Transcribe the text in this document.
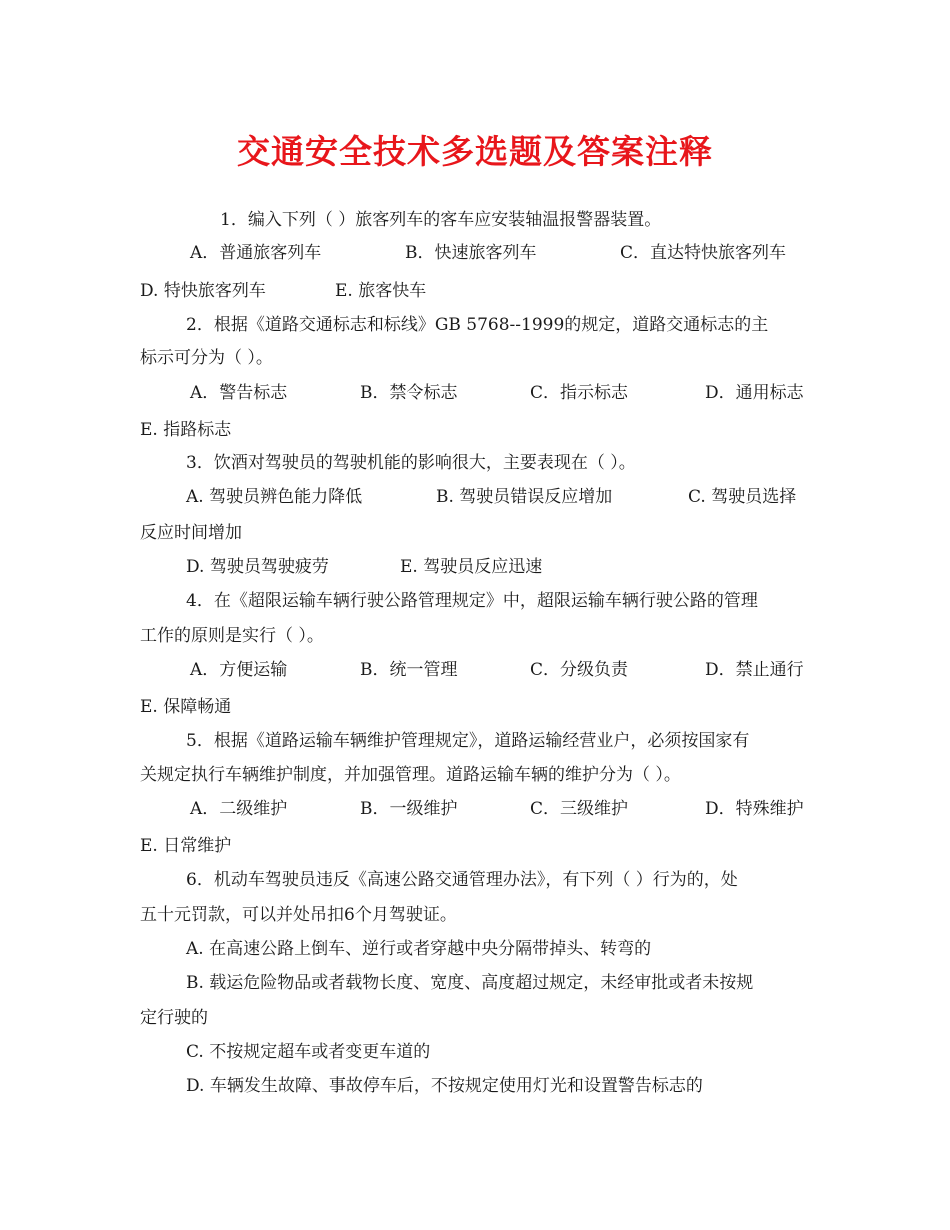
交通安全技术多选题及答案注释
1．编入下列（ ）旅客列车的客车应安装轴温报警器装置。
A．普通旅客列车	B．快速旅客列车	C．直达特快旅客列车
D. 特快旅客列车	E. 旅客快车
2．根据《道路交通标志和标线》GB 5768--1999的规定，道路交通标志的主
标示可分为（ ）。
A．警告标志	B．禁令标志	C．指示标志	D．通用标志
E. 指路标志
3．饮酒对驾驶员的驾驶机能的影响很大，主要表现在（ ）。
A. 驾驶员辨色能力降低	B. 驾驶员错误反应增加	C. 驾驶员选择
反应时间增加
D. 驾驶员驾驶疲劳	E. 驾驶员反应迅速
4．在《超限运输车辆行驶公路管理规定》中，超限运输车辆行驶公路的管理
工作的原则是实行（ ）。
A．方便运输	B．统一管理	C．分级负责	D．禁止通行
E. 保障畅通
5．根据《道路运输车辆维护管理规定》，道路运输经营业户，必须按国家有
关规定执行车辆维护制度，并加强管理。道路运输车辆的维护分为（ ）。
A．二级维护	B．一级维护	C．三级维护	D．特殊维护
E. 日常维护
6．机动车驾驶员违反《高速公路交通管理办法》，有下列（ ）行为的，处
五十元罚款，可以并处吊扣6个月驾驶证。
A. 在高速公路上倒车、逆行或者穿越中央分隔带掉头、转弯的
B. 载运危险物品或者载物长度、宽度、高度超过规定，未经审批或者未按规
定行驶的
C. 不按规定超车或者变更车道的
D. 车辆发生故障、事故停车后，不按规定使用灯光和设置警告标志的
